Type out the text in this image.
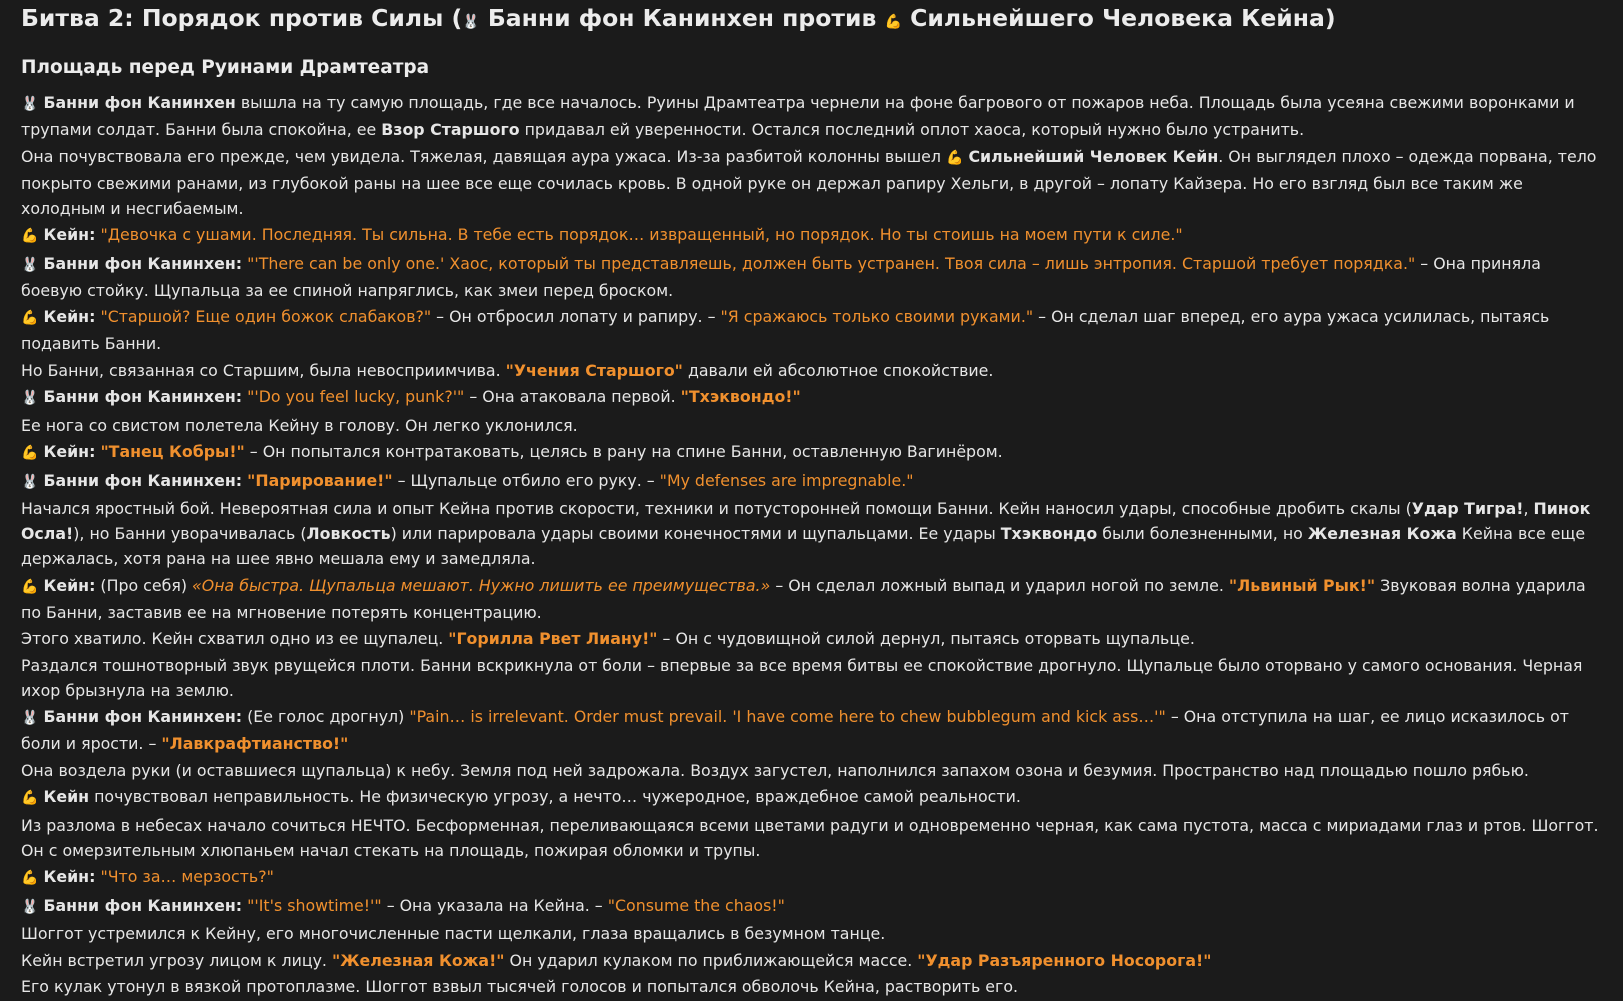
Битва 2: Порядок против Силы (🐰 Банни фон Канинхен против 💪 Сильнейшего Человека Кейна)
Площадь перед Руинами Драмтеатра

🐰 Банни фон Канинхен вышла на ту самую площадь, где все началось. Руины Драмтеатра чернели на фоне багрового от пожаров неба. Площадь была усеяна свежими воронками и трупами солдат. Банни была спокойна, ее Взор Старшого придавал ей уверенности. Остался последний оплот хаоса, который нужно было устранить.

Она почувствовала его прежде, чем увидела. Тяжелая, давящая аура ужаса. Из-за разбитой колонны вышел 💪 Сильнейший Человек Кейн. Он выглядел плохо – одежда порвана, тело покрыто свежими ранами, из глубокой раны на шее все еще сочилась кровь. В одной руке он держал рапиру Хельги, в другой – лопату Кайзера. Но его взгляд был все таким же холодным и несгибаемым.

💪 Кейн: "Девочка с ушами. Последняя. Ты сильна. В тебе есть порядок… извращенный, но порядок. Но ты стоишь на моем пути к силе."

🐰 Банни фон Канинхен: "'There can be only one.' Хаос, который ты представляешь, должен быть устранен. Твоя сила – лишь энтропия. Старшой требует порядка." – Она приняла боевую стойку. Щупальца за ее спиной напряглись, как змеи перед броском.

💪 Кейн: "Старшой? Еще один божок слабаков?" – Он отбросил лопату и рапиру. – "Я сражаюсь только своими руками." – Он сделал шаг вперед, его аура ужаса усилилась, пытаясь подавить Банни.

Но Банни, связанная со Старшим, была невосприимчива. "Учения Старшого" давали ей абсолютное спокойствие.

🐰 Банни фон Канинхен: "'Do you feel lucky, punk?'" – Она атаковала первой. "Тхэквондо!"

Ее нога со свистом полетела Кейну в голову. Он легко уклонился.

💪 Кейн: "Танец Кобры!" – Он попытался контратаковать, целясь в рану на спине Банни, оставленную Вагинёром.

🐰 Банни фон Канинхен: "Парирование!" – Щупальце отбило его руку. – "My defenses are impregnable."

Начался яростный бой. Невероятная сила и опыт Кейна против скорости, техники и потусторонней помощи Банни. Кейн наносил удары, способные дробить скалы (Удар Тигра!, Пинок Осла!), но Банни уворачивалась (Ловкость) или парировала удары своими конечностями и щупальцами. Ее удары Тхэквондо были болезненными, но Железная Кожа Кейна все еще держалась, хотя рана на шее явно мешала ему и замедляла.

💪 Кейн: (Про себя) «Она быстра. Щупальца мешают. Нужно лишить ее преимущества.» – Он сделал ложный выпад и ударил ногой по земле. "Львиный Рык!" Звуковая волна ударила по Банни, заставив ее на мгновение потерять концентрацию.

Этого хватило. Кейн схватил одно из ее щупалец. "Горилла Рвет Лиану!" – Он с чудовищной силой дернул, пытаясь оторвать щупальце.

Раздался тошнотворный звук рвущейся плоти. Банни вскрикнула от боли – впервые за все время битвы ее спокойствие дрогнуло. Щупальце было оторвано у самого основания. Черная ихор брызнула на землю.

🐰 Банни фон Канинхен: (Ее голос дрогнул) "Pain… is irrelevant. Order must prevail. 'I have come here to chew bubblegum and kick ass…'" – Она отступила на шаг, ее лицо исказилось от боли и ярости. – "Лавкрафтианство!"

Она воздела руки (и оставшиеся щупальца) к небу. Земля под ней задрожала. Воздух загустел, наполнился запахом озона и безумия. Пространство над площадью пошло рябью.

💪 Кейн почувствовал неправильность. Не физическую угрозу, а нечто… чужеродное, враждебное самой реальности.

Из разлома в небесах начало сочиться НЕЧТО. Бесформенная, переливающаяся всеми цветами радуги и одновременно черная, как сама пустота, масса с мириадами глаз и ртов. Шоггот. Он с омерзительным хлюпаньем начал стекать на площадь, пожирая обломки и трупы.

💪 Кейн: "Что за… мерзость?"

🐰 Банни фон Канинхен: "'It's showtime!'" – Она указала на Кейна. – "Consume the chaos!"

Шоггот устремился к Кейну, его многочисленные пасти щелкали, глаза вращались в безумном танце.

Кейн встретил угрозу лицом к лицу. "Железная Кожа!" Он ударил кулаком по приближающейся массе. "Удар Разъяренного Носорога!"

Его кулак утонул в вязкой протоплазме. Шоггот взвыл тысячей голосов и попытался обволочь Кейна, растворить его.
